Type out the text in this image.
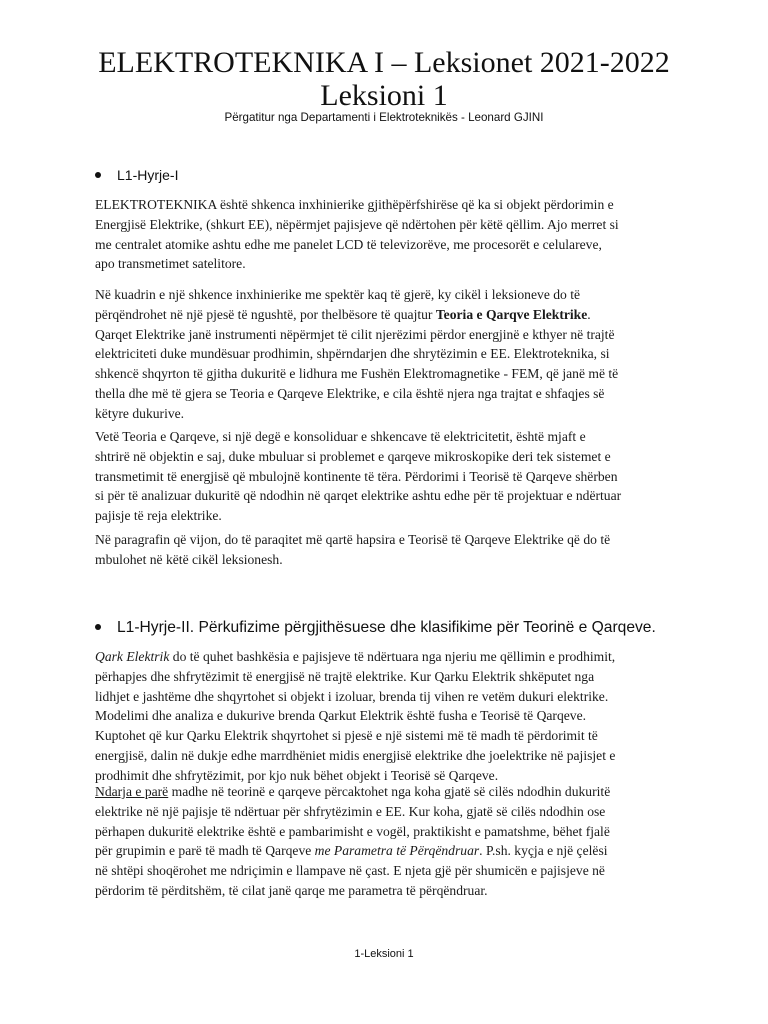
ELEKTROTEKNIKA I – Leksionet 2021-2022
Leksioni 1
Përgatitur nga Departamenti i Elektroteknikës - Leonard GJINI
L1-Hyrje-I
ELEKTROTEKNIKA është shkenca inxhinierike gjithëpërfshirëse që ka si objekt përdorimin e
Energjisë Elektrike, (shkurt EE), nëpërmjet pajisjeve që ndërtohen për këtë qëllim. Ajo merret si
me centralet atomike ashtu edhe me panelet LCD të televizorëve, me procesorët e celulareve,
apo transmetimet satelitore.
Në kuadrin e një shkence inxhinierike me spektër kaq të gjerë, ky cikël i leksioneve do të
përqëndrohet në një pjesë të ngushtë, por thelbësore të quajtur Teoria e Qarqve Elektrike.
Qarqet Elektrike janë instrumenti nëpërmjet të cilit njerëzimi përdor energjinë e kthyer në trajtë
elektriciteti duke mundësuar prodhimin, shpërndarjen dhe shrytëzimin e EE. Elektroteknika, si
shkencë shqyrton të gjitha dukuritë e lidhura me Fushën Elektromagnetike - FEM, që janë më të
thella dhe më të gjera se Teoria e Qarqeve Elektrike, e cila është njera nga trajtat e shfaqjes së
këtyre dukurive.
Vetë Teoria e Qarqeve, si një degë e konsoliduar e shkencave të elektricitetit, është mjaft e
shtrirë në objektin e saj, duke mbuluar si problemet e qarqeve mikroskopike deri tek sistemet e
transmetimit të energjisë që mbulojnë kontinente të tëra. Përdorimi i Teorisë të Qarqeve shërben
si për të analizuar dukuritë që ndodhin në qarqet elektrike ashtu edhe për të projektuar e ndërtuar
pajisje të reja elektrike.
Në paragrafin që vijon, do të paraqitet më qartë hapsira e Teorisë të Qarqeve Elektrike që do të
mbulohet në këtë cikël leksionesh.
L1-Hyrje-II. Përkufizime përgjithësuese dhe klasifikime për Teorinë e Qarqeve.
Qark Elektrik do të quhet bashkësia e pajisjeve të ndërtuara nga njeriu me qëllimin e prodhimit,
përhapjes dhe shfrytëzimit të energjisë në trajtë elektrike. Kur Qarku Elektrik shkëputet nga
lidhjet e jashtëme dhe shqyrtohet si objekt i izoluar, brenda tij vihen re vetëm dukuri elektrike.
Modelimi dhe analiza e dukurive brenda Qarkut Elektrik është fusha e Teorisë të Qarqeve.
Kuptohet që kur Qarku Elektrik shqyrtohet si pjesë e një sistemi më të madh të përdorimit të
energjisë, dalin në dukje edhe marrdhëniet midis energjisë elektrike dhe joelektrike në pajisjet e
prodhimit dhe shfrytëzimit, por kjo nuk bëhet objekt i Teorisë së Qarqeve.
Ndarja e parë madhe në teorinë e qarqeve përcaktohet nga koha gjatë së cilës ndodhin dukuritë
elektrike në një pajisje të ndërtuar për shfrytëzimin e EE. Kur koha, gjatë së cilës ndodhin ose
përhapen dukuritë elektrike është e pambarimisht e vogël, praktikisht e pamatshme, bëhet fjalë
për grupimin e parë të madh të Qarqeve me Parametra të Përqëndruar. P.sh. kyçja e një çelësi
në shtëpi shoqërohet me ndriçimin e llampave në çast. E njeta gjë për shumicën e pajisjeve në
përdorim të përditshëm, të cilat janë qarqe me parametra të përqëndruar.
1-Leksioni 1
